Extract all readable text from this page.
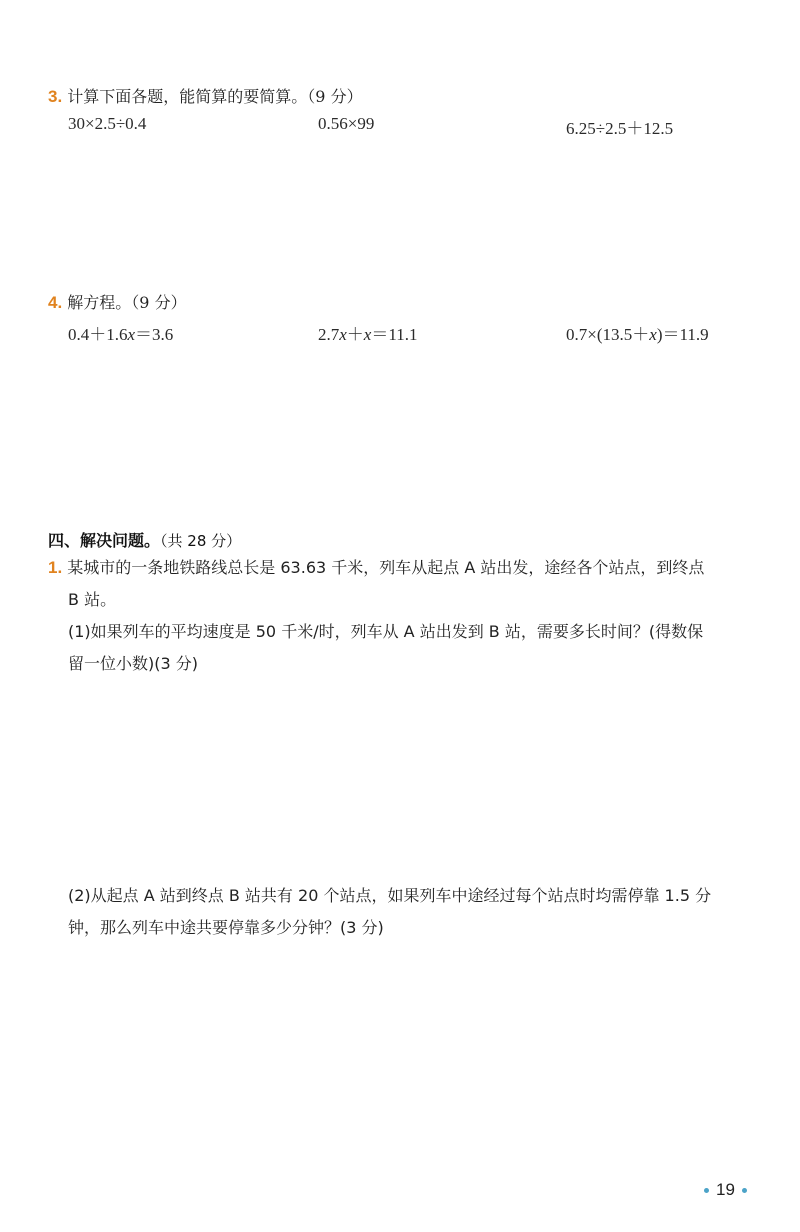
3. 计算下面各题，能简算的要简算。（9 分）
30×2.5÷0.4	0.56×99	6.25÷2.5＋12.5
4. 解方程。（9 分）
0.4＋1.6x＝3.6	2.7x＋x＝11.1	0.7×(13.5＋x)＝11.9
四、解决问题。（共 28 分）
1. 某城市的一条地铁路线总长是 63.63 千米，列车从起点 A 站出发，途经各个站点，到终点
B 站。
(1)如果列车的平均速度是 50 千米/时，列车从 A 站出发到 B 站，需要多长时间？(得数保
留一位小数)(3 分)
(2)从起点 A 站到终点 B 站共有 20 个站点，如果列车中途经过每个站点时均需停靠 1.5 分
钟，那么列车中途共要停靠多少分钟？(3 分)
19
